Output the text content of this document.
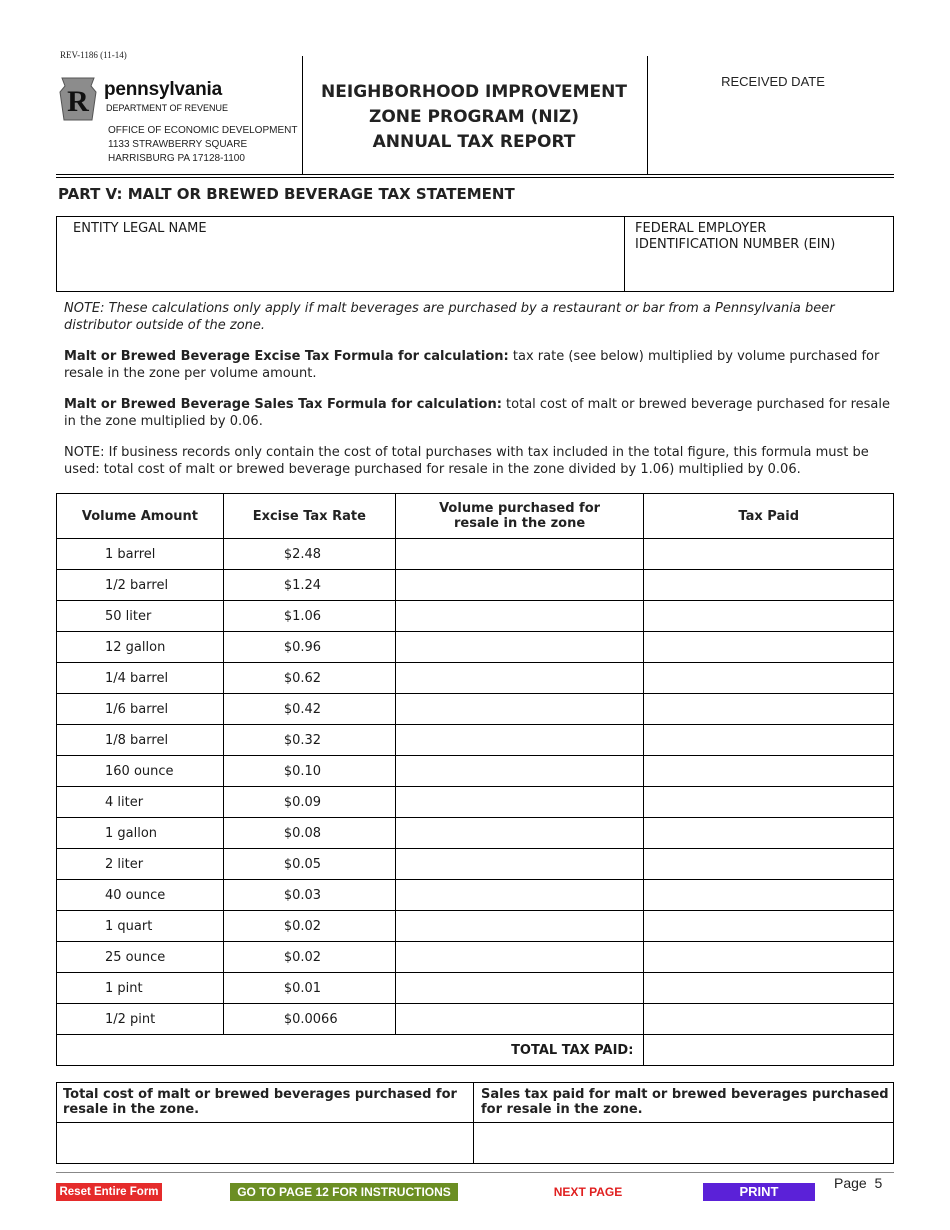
REV-1186 (11-14)
R pennsylvania
DEPARTMENT OF REVENUE
OFFICE OF ECONOMIC DEVELOPMENT
1133 STRAWBERRY SQUARE
HARRISBURG PA 17128-1100
NEIGHBORHOOD IMPROVEMENT
ZONE PROGRAM (NIZ)
ANNUAL TAX REPORT
RECEIVED DATE
PART V: MALT OR BREWED BEVERAGE TAX STATEMENT
ENTITY LEGAL NAME	FEDERAL EMPLOYER
IDENTIFICATION NUMBER (EIN)
NOTE: These calculations only apply if malt beverages are purchased by a restaurant or bar from a Pennsylvania beer distributor outside of the zone.
Malt or Brewed Beverage Excise Tax Formula for calculation: tax rate (see below) multiplied by volume purchased for resale in the zone per volume amount.
Malt or Brewed Beverage Sales Tax Formula for calculation: total cost of malt or brewed beverage purchased for resale in the zone multiplied by 0.06.
NOTE: If business records only contain the cost of total purchases with tax included in the total figure, this formula must be used: total cost of malt or brewed beverage purchased for resale in the zone divided by 1.06) multiplied by 0.06.
Volume Amount	Excise Tax Rate	Volume purchased for
resale in the zone	Tax Paid
1 barrel	$2.48		
1/2 barrel	$1.24		
50 liter	$1.06		
12 gallon	$0.96		
1/4 barrel	$0.62		
1/6 barrel	$0.42		
1/8 barrel	$0.32		
160 ounce	$0.10		
4 liter	$0.09		
1 gallon	$0.08		
2 liter	$0.05		
40 ounce	$0.03		
1 quart	$0.02		
25 ounce	$0.02		
1 pint	$0.01		
1/2 pint	$0.0066		
TOTAL TAX PAID:	
Total cost of malt or brewed beverages purchased for
resale in the zone.
Sales tax paid for malt or brewed beverages purchased
for resale in the zone.
Reset Entire Form	GO TO PAGE 12 FOR INSTRUCTIONS	NEXT PAGE	PRINT
Page 5
